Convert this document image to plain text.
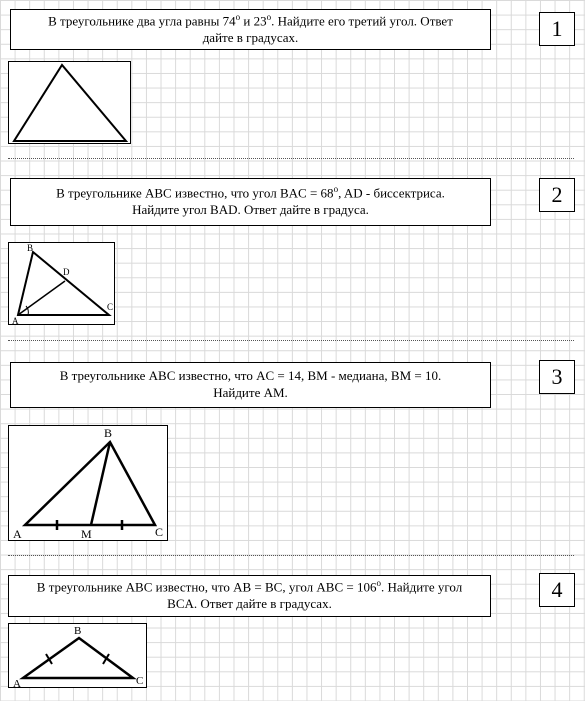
В треугольнике два угла равны 74$^o$ и 23$^o$. Найдите его третий угол. Ответ
дайте в градусах.	1
В треугольнике ABC известно, что угол BAC = $68^o$, AD - биссектриса.
Найдите угол BAD. Ответ дайте в градуса.
2
B
D
C
A
В треугольнике ABC известно, что AC = 14, BM - медиана, BM = 10.
Найдите AM.
3
B
A	M	C
В треугольнике ABC известно, что AB = BC, угол ABC = $106^o$. Найдите угол
BCA. Ответ дайте в градусах.
4
B
A	C
